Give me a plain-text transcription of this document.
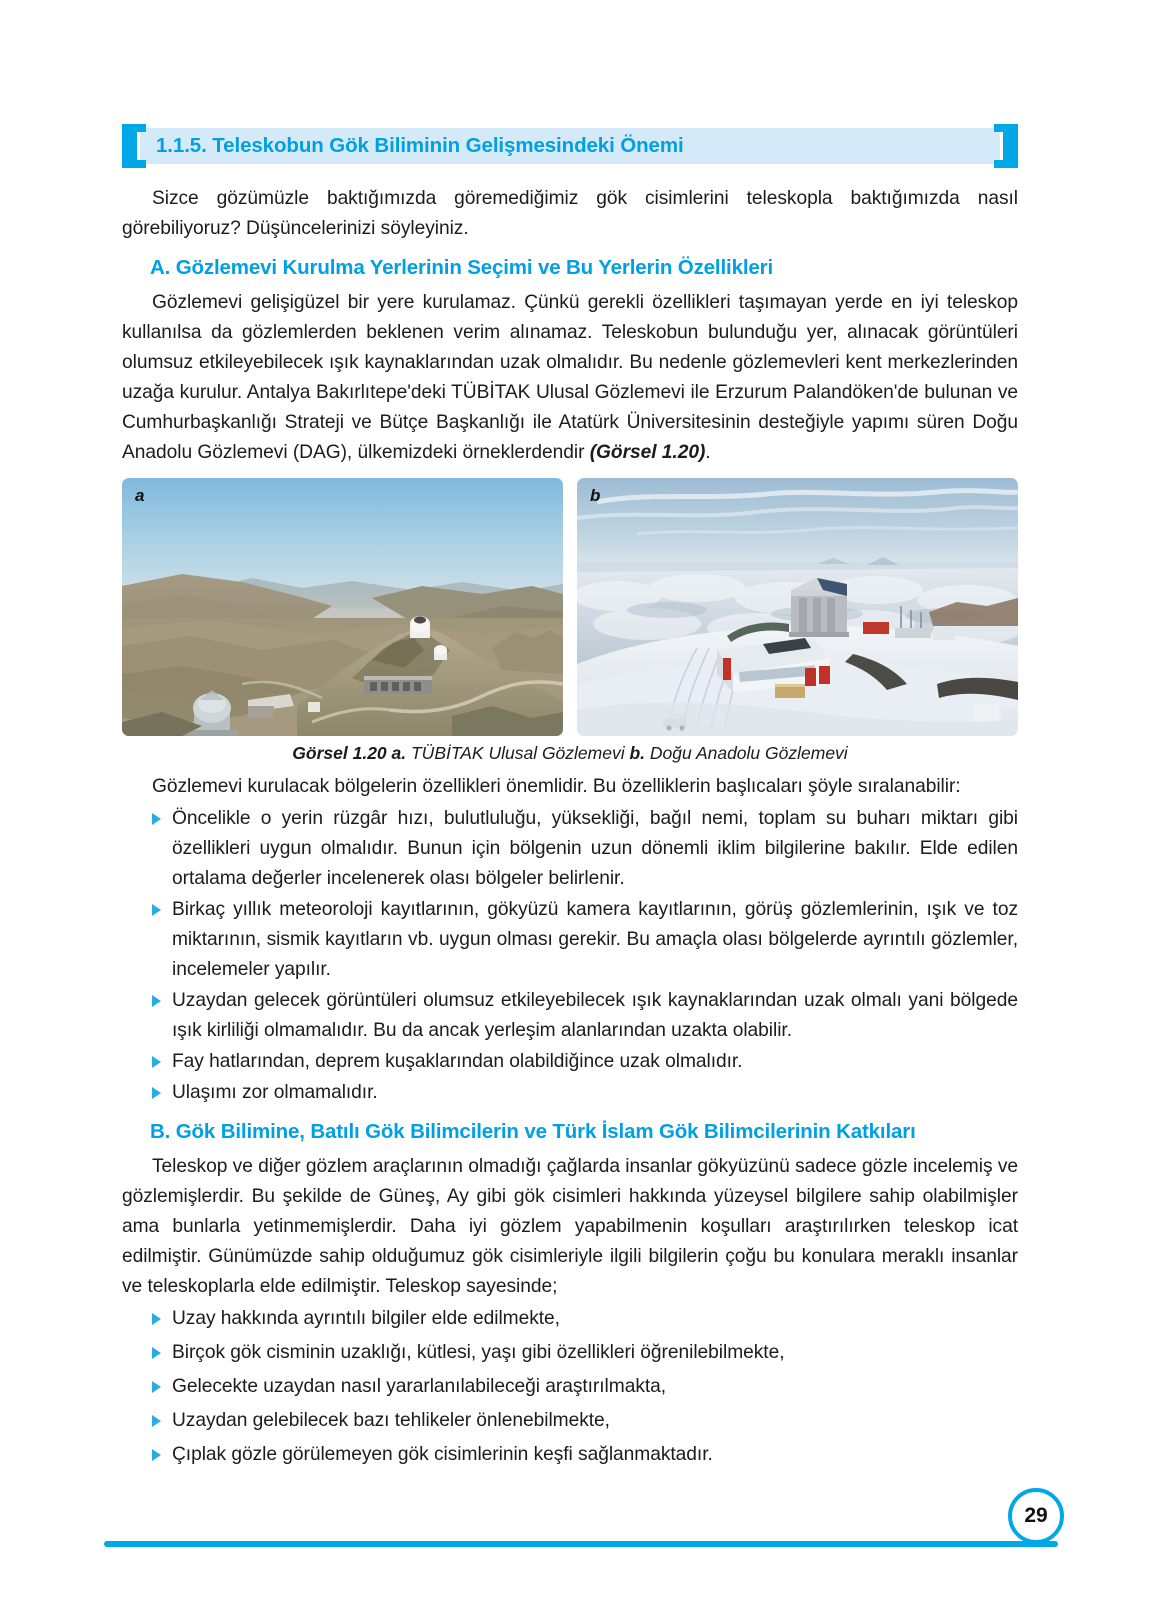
1.1.5. Teleskobun Gök Biliminin Gelişmesindeki Önemi

Sizce gözümüzle baktığımızda göremediğimiz gök cisimlerini teleskopla baktığımızda nasıl görebiliyoruz? Düşüncelerinizi söyleyiniz.

A. Gözlemevi Kurulma Yerlerinin Seçimi ve Bu Yerlerin Özellikleri

Gözlemevi gelişigüzel bir yere kurulamaz. Çünkü gerekli özellikleri taşımayan yerde en iyi teleskop kullanılsa da gözlemlerden beklenen verim alınamaz. Teleskobun bulunduğu yer, alınacak görüntüleri olumsuz etkileyebilecek ışık kaynaklarından uzak olmalıdır. Bu nedenle gözlemevleri kent merkezlerinden uzağa kurulur. Antalya Bakırlıtepe'deki TÜBİTAK Ulusal Gözlemevi ile Erzurum Palandöken'de bulunan ve Cumhurbaşkanlığı Strateji ve Bütçe Başkanlığı ile Atatürk Üniversitesinin desteğiyle yapımı süren Doğu Anadolu Gözlemevi (DAG), ülkemizdeki örneklerdendir (Görsel 1.20).

a	b
Görsel 1.20 a. TÜBİTAK Ulusal Gözlemevi b. Doğu Anadolu Gözlemevi

Gözlemevi kurulacak bölgelerin özellikleri önemlidir. Bu özelliklerin başlıcaları şöyle sıralanabilir:

Öncelikle o yerin rüzgâr hızı, bulutluluğu, yüksekliği, bağıl nemi, toplam su buharı miktarı gibi özellikleri uygun olmalıdır. Bunun için bölgenin uzun dönemli iklim bilgilerine bakılır. Elde edilen ortalama değerler incelenerek olası bölgeler belirlenir.
Birkaç yıllık meteoroloji kayıtlarının, gökyüzü kamera kayıtlarının, görüş gözlemlerinin, ışık ve toz miktarının, sismik kayıtların vb. uygun olması gerekir. Bu amaçla olası bölgelerde ayrıntılı gözlemler, incelemeler yapılır.
Uzaydan gelecek görüntüleri olumsuz etkileyebilecek ışık kaynaklarından uzak olmalı yani bölgede ışık kirliliği olmamalıdır. Bu da ancak yerleşim alanlarından uzakta olabilir.
Fay hatlarından, deprem kuşaklarından olabildiğince uzak olmalıdır.
Ulaşımı zor olmamalıdır.
B. Gök Bilimine, Batılı Gök Bilimcilerin ve Türk İslam Gök Bilimcilerinin Katkıları

Teleskop ve diğer gözlem araçlarının olmadığı çağlarda insanlar gökyüzünü sadece gözle incelemiş ve gözlemişlerdir. Bu şekilde de Güneş, Ay gibi gök cisimleri hakkında yüzeysel bilgilere sahip olabilmişler ama bunlarla yetinmemişlerdir. Daha iyi gözlem yapabilmenin koşulları araştırılırken teleskop icat edilmiştir. Günümüzde sahip olduğumuz gök cisimleriyle ilgili bilgilerin çoğu bu konulara meraklı insanlar ve teleskoplarla elde edilmiştir. Teleskop sayesinde;

Uzay hakkında ayrıntılı bilgiler elde edilmekte,
Birçok gök cisminin uzaklığı, kütlesi, yaşı gibi özellikleri öğrenilebilmekte,
Gelecekte uzaydan nasıl yararlanılabileceği araştırılmakta,
Uzaydan gelebilecek bazı tehlikeler önlenebilmekte,
Çıplak gözle görülemeyen gök cisimlerinin keşfi sağlanmaktadır.
29
